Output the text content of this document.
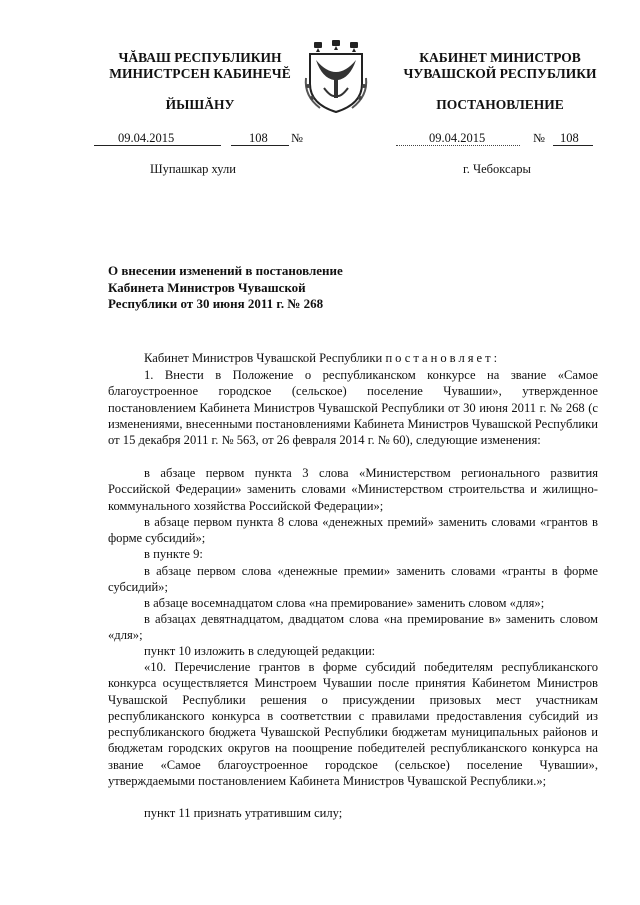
ЧĂВАШ РЕСПУБЛИКИН
МИНИСТРСЕН КАБИНЕЧĔ
ЙЫШĂНУ
КАБИНЕТ МИНИСТРОВ
ЧУВАШСКОЙ РЕСПУБЛИКИ
ПОСТАНОВЛЕНИЕ
09.04.2015	108 №	09.04.2015	№ 108
Шупашкар хули	г. Чебоксары

О внесении изменений в постановление Кабинета Министров Чувашской Республики от 30 июня 2011 г. № 268

Кабинет Министров Чувашской Республики постановляет:

1. Внести в Положение о республиканском конкурсе на звание «Самое благоустроенное городское (сельское) поселение Чувашии», утвержденное постановлением Кабинета Министров Чувашской Республики от 30 июня 2011 г. № 268 (с изменениями, внесенными постановлениями Кабинета Министров Чувашской Республики от 15 декабря 2011 г. № 563, от 26 февраля 2014 г. № 60), следующие изменения:

в абзаце первом пункта 3 слова «Министерством регионального развития Российской Федерации» заменить словами «Министерством строительства и жилищно-коммунального хозяйства Российской Федерации»;

в абзаце первом пункта 8 слова «денежных премий» заменить словами «грантов в форме субсидий»;

в пункте 9:

в абзаце первом слова «денежные премии» заменить словами «гранты в форме субсидий»;

в абзаце восемнадцатом слова «на премирование» заменить словом «для»;

в абзацах девятнадцатом, двадцатом слова «на премирование в» заменить словом «для»;

пункт 10 изложить в следующей редакции:

«10. Перечисление грантов в форме субсидий победителям республиканского конкурса осуществляется Минстроем Чувашии после принятия Кабинетом Министров Чувашской Республики решения о присуждении призовых мест участникам республиканского конкурса в соответствии с правилами предоставления субсидий из республиканского бюджета Чувашской Республики бюджетам муниципальных районов и бюджетам городских округов на поощрение победителей республиканского конкурса на звание «Самое благоустроенное городское (сельское) поселение Чувашии», утверждаемыми постановлением Кабинета Министров Чувашской Республики.»;

пункт 11 признать утратившим силу;
